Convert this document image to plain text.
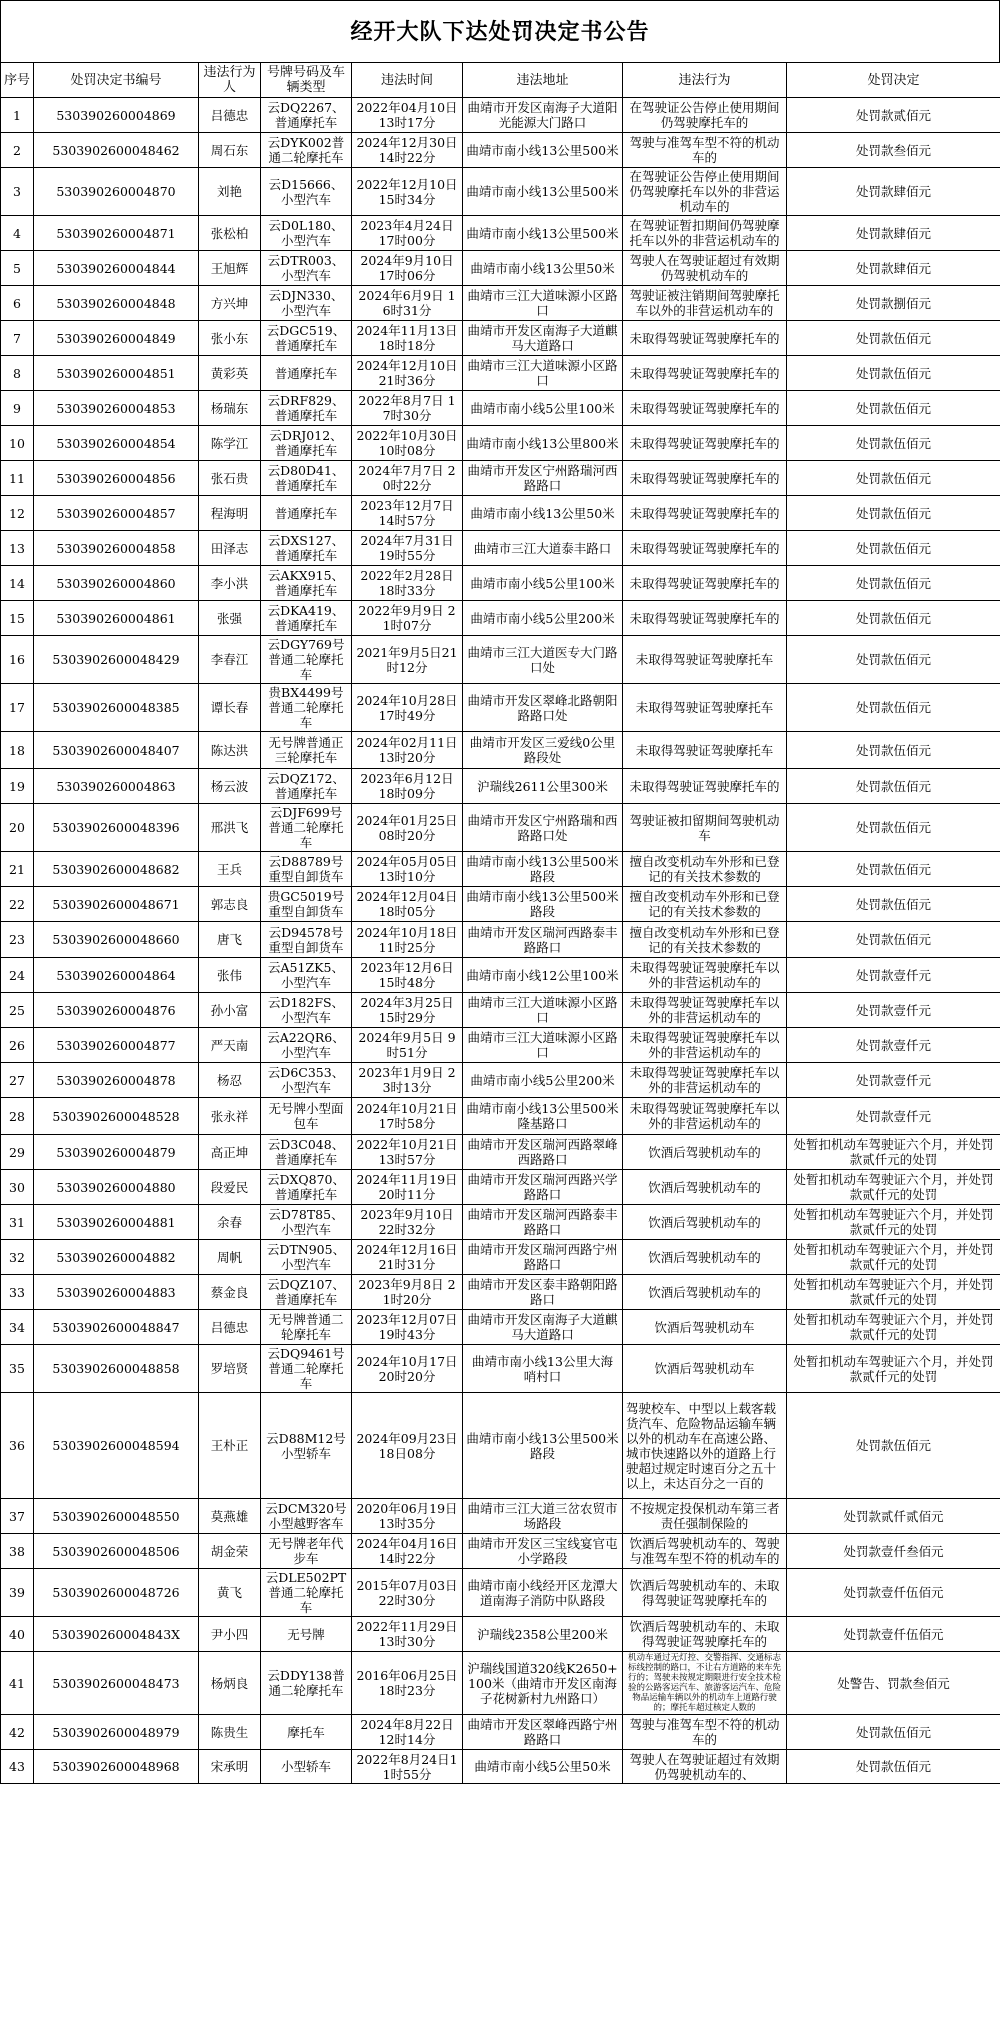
经开大队下达处罚决定书公告
序号	处罚决定书编号	违法行为人	号牌号码及车辆类型	违法时间	违法地址	违法行为	处罚决定
1	530390260004869	吕德忠	云DQ2267、普通摩托车	2022年04月10日13时17分	曲靖市开发区南海子大道阳光能源大门路口	在驾驶证公告停止使用期间仍驾驶摩托车的	处罚款贰佰元
2	5303902600048462	周石东	云DYK002普通二轮摩托车	2024年12月30日14时22分	曲靖市南小线13公里500米	驾驶与准驾车型不符的机动车的	处罚款叁佰元
3	530390260004870	刘艳	云D15666、小型汽车	2022年12月10日15时34分	曲靖市南小线13公里500米	在驾驶证公告停止使用期间仍驾驶摩托车以外的非营运机动车的	处罚款肆佰元
4	530390260004871	张松柏	云D0L180、小型汽车	2023年4月24日 17时00分	曲靖市南小线13公里500米	在驾驶证暂扣期间仍驾驶摩托车以外的非营运机动车的	处罚款肆佰元
5	530390260004844	王旭辉	云DTR003、小型汽车	2024年9月10日 17时06分	曲靖市南小线13公里50米	驾驶人在驾驶证超过有效期仍驾驶机动车的	处罚款肆佰元
6	530390260004848	方兴坤	云DJN330、小型汽车	2024年6月9日 16时31分	曲靖市三江大道味源小区路口	驾驶证被注销期间驾驶摩托车以外的非营运机动车的	处罚款捌佰元
7	530390260004849	张小东	云DGC519、普通摩托车	2024年11月13日18时18分	曲靖市开发区南海子大道麒马大道路口	未取得驾驶证驾驶摩托车的	处罚款伍佰元
8	530390260004851	黄彩英	普通摩托车	2024年12月10日21时36分	曲靖市三江大道味源小区路口	未取得驾驶证驾驶摩托车的	处罚款伍佰元
9	530390260004853	杨瑞东	云DRF829、普通摩托车	2022年8月7日 17时30分	曲靖市南小线5公里100米	未取得驾驶证驾驶摩托车的	处罚款伍佰元
10	530390260004854	陈学江	云DRJ012、普通摩托车	2022年10月30日10时08分	曲靖市南小线13公里800米	未取得驾驶证驾驶摩托车的	处罚款伍佰元
11	530390260004856	张石贵	云D80D41、普通摩托车	2024年7月7日 20时22分	曲靖市开发区宁州路瑞河西路路口	未取得驾驶证驾驶摩托车的	处罚款伍佰元
12	530390260004857	程海明	普通摩托车	2023年12月7日 14时57分	曲靖市南小线13公里50米	未取得驾驶证驾驶摩托车的	处罚款伍佰元
13	530390260004858	田泽志	云DXS127、普通摩托车	2024年7月31日 19时55分	曲靖市三江大道泰丰路口	未取得驾驶证驾驶摩托车的	处罚款伍佰元
14	530390260004860	李小洪	云AKX915、普通摩托车	2022年2月28日 18时33分	曲靖市南小线5公里100米	未取得驾驶证驾驶摩托车的	处罚款伍佰元
15	530390260004861	张强	云DKA419、普通摩托车	2022年9月9日 21时07分	曲靖市南小线5公里200米	未取得驾驶证驾驶摩托车的	处罚款伍佰元
16	5303902600048429	李春江	云DGY769号普通二轮摩托车	2021年9月5日21时12分	曲靖市三江大道医专大门路口处	未取得驾驶证驾驶摩托车	处罚款伍佰元
17	5303902600048385	谭长春	贵BX4499号普通二轮摩托车	2024年10月28日17时49分	曲靖市开发区翠峰北路朝阳路路口处	未取得驾驶证驾驶摩托车	处罚款伍佰元
18	5303902600048407	陈达洪	无号牌普通正三轮摩托车	2024年02月11日13时20分	曲靖市开发区三爱线0公里路段处	未取得驾驶证驾驶摩托车	处罚款伍佰元
19	530390260004863	杨云波	云DQZ172、普通摩托车	2023年6月12日 18时09分	沪瑞线2611公里300米	未取得驾驶证驾驶摩托车的	处罚款伍佰元
20	5303902600048396	邢洪飞	云DJF699号普通二轮摩托车	2024年01月25日08时20分	曲靖市开发区宁州路瑞和西路路口处	驾驶证被扣留期间驾驶机动车	处罚款伍佰元
21	5303902600048682	王兵	云D88789号重型自卸货车	2024年05月05日13时10分	曲靖市南小线13公里500米路段	擅自改变机动车外形和已登记的有关技术参数的	处罚款伍佰元
22	5303902600048671	郭志良	贵GC5019号重型自卸货车	2024年12月04日18时05分	曲靖市南小线13公里500米路段	擅自改变机动车外形和已登记的有关技术参数的	处罚款伍佰元
23	5303902600048660	唐飞	云D94578号重型自卸货车	2024年10月18日11时25分	曲靖市开发区瑞河西路泰丰路路口	擅自改变机动车外形和已登记的有关技术参数的	处罚款伍佰元
24	530390260004864	张伟	云A51ZK5、小型汽车	2023年12月6日 15时48分	曲靖市南小线12公里100米	未取得驾驶证驾驶摩托车以外的非营运机动车的	处罚款壹仟元
25	530390260004876	孙小富	云D182FS、小型汽车	2024年3月25日 15时29分	曲靖市三江大道味源小区路口	未取得驾驶证驾驶摩托车以外的非营运机动车的	处罚款壹仟元
26	530390260004877	严天南	云A22QR6、小型汽车	2024年9月5日 9时51分	曲靖市三江大道味源小区路口	未取得驾驶证驾驶摩托车以外的非营运机动车的	处罚款壹仟元
27	530390260004878	杨忍	云D6C353、小型汽车	2023年1月9日 23时13分	曲靖市南小线5公里200米	未取得驾驶证驾驶摩托车以外的非营运机动车的	处罚款壹仟元
28	5303902600048528	张永祥	无号牌小型面包车	2024年10月21日17时58分	曲靖市南小线13公里500米隆基路口	未取得驾驶证驾驶摩托车以外的非营运机动车的	处罚款壹仟元
29	530390260004879	高正坤	云D3C048、普通摩托车	2022年10月21日13时57分	曲靖市开发区瑞河西路翠峰西路路口	饮酒后驾驶机动车的	处暂扣机动车驾驶证六个月，并处罚款贰仟元的处罚
30	530390260004880	段爱民	云DXQ870、普通摩托车	2024年11月19日20时11分	曲靖市开发区瑞河西路兴学路路口	饮酒后驾驶机动车的	处暂扣机动车驾驶证六个月，并处罚款贰仟元的处罚
31	530390260004881	余春	云D78T85、小型汽车	2023年9月10日 22时32分	曲靖市开发区瑞河西路泰丰路路口	饮酒后驾驶机动车的	处暂扣机动车驾驶证六个月，并处罚款贰仟元的处罚
32	530390260004882	周帆	云DTN905、小型汽车	2024年12月16日21时31分	曲靖市开发区瑞河西路宁州路路口	饮酒后驾驶机动车的	处暂扣机动车驾驶证六个月，并处罚款贰仟元的处罚
33	530390260004883	蔡金良	云DQZ107、普通摩托车	2023年9月8日 21时20分	曲靖市开发区泰丰路朝阳路路口	饮酒后驾驶机动车的	处暂扣机动车驾驶证六个月，并处罚款贰仟元的处罚
34	5303902600048847	吕德忠	无号牌普通二轮摩托车	2023年12月07日19时43分	曲靖市开发区南海子大道麒马大道路口	饮酒后驾驶机动车	处暂扣机动车驾驶证六个月，并处罚款贰仟元的处罚
35	5303902600048858	罗培贤	云DQ9461号普通二轮摩托车	2024年10月17日20时20分	曲靖市南小线13公里大海哨村口	饮酒后驾驶机动车	处暂扣机动车驾驶证六个月，并处罚款贰仟元的处罚
36	5303902600048594	王朴正	云D88M12号小型轿车	2024年09月23日18日08分	曲靖市南小线13公里500米路段	驾驶校车、中型以上载客载货汽车、危险物品运输车辆以外的机动车在高速公路、城市快速路以外的道路上行驶超过规定时速百分之五十以上，未达百分之一百的	处罚款伍佰元
37	5303902600048550	莫燕雄	云DCM320号小型越野客车	2020年06月19日13时35分	曲靖市三江大道三岔农贸市场路段	不按规定投保机动车第三者责任强制保险的	处罚款贰仟贰佰元
38	5303902600048506	胡金荣	无号牌老年代步车	2024年04月16日14时22分	曲靖市开发区三宝线宴官屯小学路段	饮酒后驾驶机动车的、驾驶与准驾车型不符的机动车的	处罚款壹仟叁佰元
39	5303902600048726	黄飞	云DLE502PT 普通二轮摩托车	2015年07月03日22时30分	曲靖市南小线经开区龙潭大道南海子消防中队路段	饮酒后驾驶机动车的、未取得驾驶证驾驶摩托车的	处罚款壹仟伍佰元
40	530390260004843X	尹小四	无号牌	2022年11月29日13时30分	沪瑞线2358公里200米	饮酒后驾驶机动车的、未取得驾驶证驾驶摩托车的	处罚款壹仟伍佰元
41	5303902600048473	杨炳良	云DDY138普通二轮摩托车	2016年06月25日18时23分	沪瑞线国道320线K2650+100米（曲靖市开发区南海子花树新村九州路口）	机动车通过无灯控、交警指挥、交通标志标线控制的路口，不让右方道路的来车先行的；驾驶未按规定期限进行安全技术检验的公路客运汽车、旅游客运汽车、危险物品运输车辆以外的机动车上道路行驶的；摩托车超过核定人数的	处警告、罚款叁佰元
42	5303902600048979	陈贵生	摩托车	2024年8月22日 12时14分	曲靖市开发区翠峰西路宁州路路口	驾驶与准驾车型不符的机动车的	处罚款伍佰元
43	5303902600048968	宋承明	小型轿车	2022年8月24日11时55分	曲靖市南小线5公里50米	驾驶人在驾驶证超过有效期仍驾驶机动车的、	处罚款伍佰元
